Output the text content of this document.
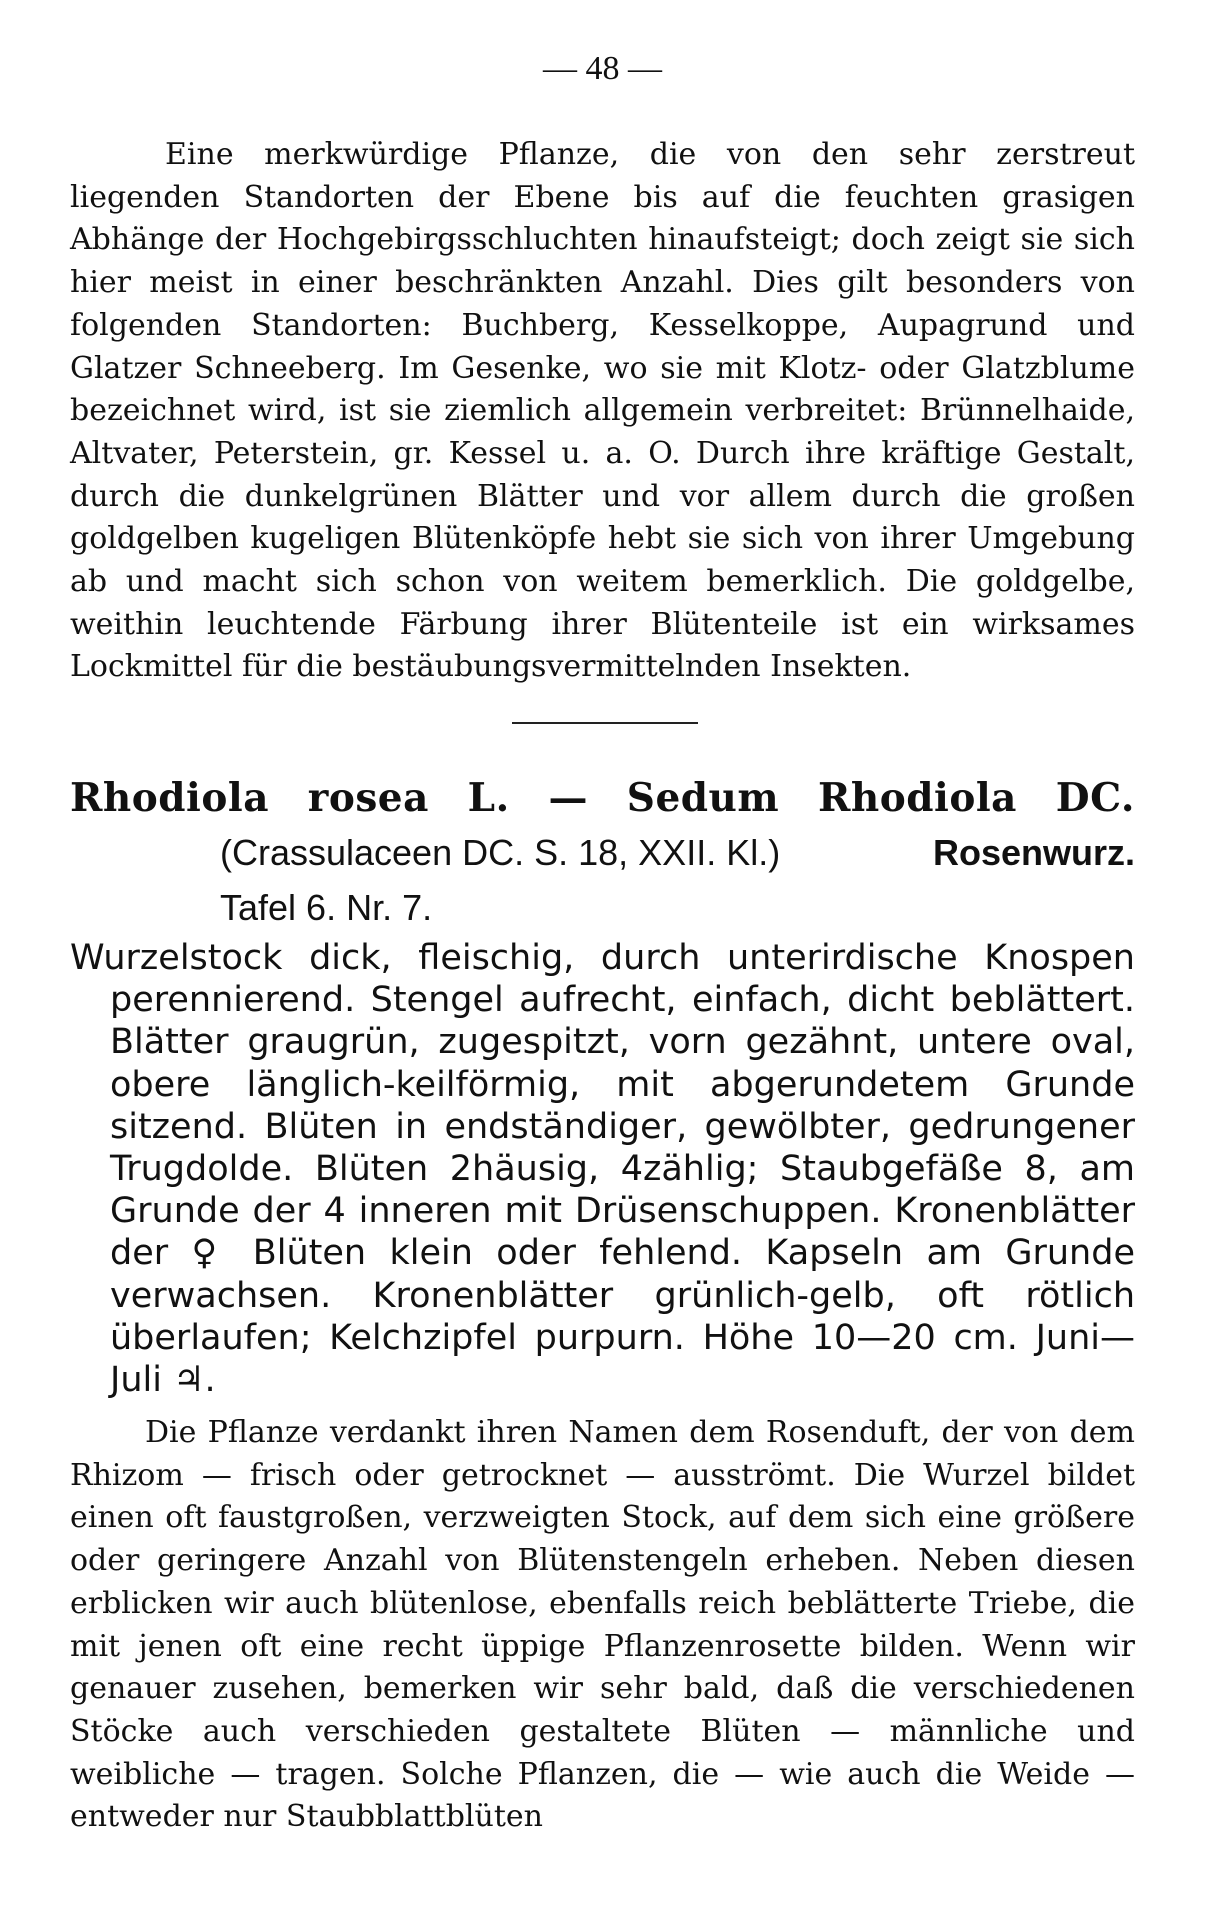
— 48 —

Eine merkwürdige Pflanze, die von den sehr zerstreut liegenden Standorten der Ebene bis auf die feuchten grasigen Abhänge der Hochgebirgsschluchten hinaufsteigt; doch zeigt sie sich hier meist in einer beschränkten Anzahl. Dies gilt besonders von folgenden Standorten: Buchberg, Kesselkoppe, Aupagrund und Glatzer Schneeberg. Im Gesenke, wo sie mit Klotz- oder Glatzblume bezeichnet wird, ist sie ziemlich allgemein verbreitet: Brünnelhaide, Altvater, Peterstein, gr. Kessel u. a. O. Durch ihre kräftige Gestalt, durch die dunkelgrünen Blätter und vor allem durch die großen goldgelben kugeligen Blütenköpfe hebt sie sich von ihrer Umgebung ab und macht sich schon von weitem bemerklich. Die goldgelbe, weithin leuchtende Färbung ihrer Blütenteile ist ein wirksames Lockmittel für die bestäubungsvermittelnden Insekten.

Rhodiola rosea L. — Sedum Rhodiola DC.
(Crassulaceen DC. S. 18, XXII. Kl.)	Rosenwurz.
Tafel 6. Nr. 7.

Wurzelstock dick, fleischig, durch unterirdische Knospen perennierend. Stengel aufrecht, einfach, dicht beblättert. Blätter graugrün, zugespitzt, vorn gezähnt, untere oval, obere länglich-keilförmig, mit abgerundetem Grunde sitzend. Blüten in endständiger, gewölbter, gedrungener Trugdolde. Blüten 2häusig, 4zählig; Staubgefäße 8, am Grunde der 4 inneren mit Drüsenschuppen. Kronenblätter der ♀ Blüten klein oder fehlend. Kapseln am Grunde verwachsen. Kronenblätter grünlich-gelb, oft rötlich überlaufen; Kelchzipfel purpurn. Höhe 10—20 cm. Juni—Juli ♃.

Die Pflanze verdankt ihren Namen dem Rosenduft, der von dem Rhizom — frisch oder getrocknet — ausströmt. Die Wurzel bildet einen oft faustgroßen, verzweigten Stock, auf dem sich eine größere oder geringere Anzahl von Blütenstengeln erheben. Neben diesen erblicken wir auch blütenlose, ebenfalls reich beblätterte Triebe, die mit jenen oft eine recht üppige Pflanzenrosette bilden. Wenn wir genauer zusehen, bemerken wir sehr bald, daß die verschiedenen Stöcke auch verschieden gestaltete Blüten — männliche und weibliche — tragen. Solche Pflanzen, die — wie auch die Weide — entweder nur Staubblattblüten
